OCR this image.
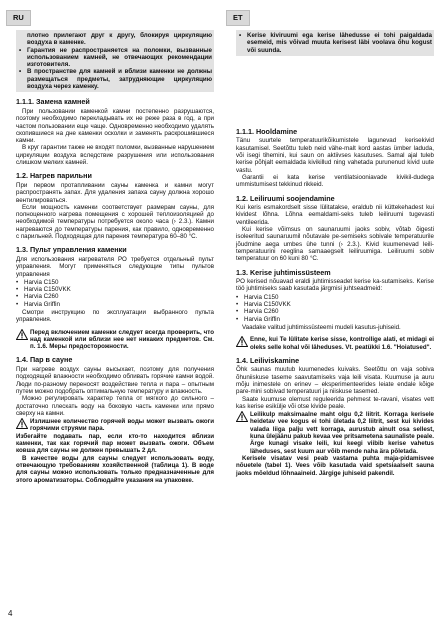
RU	ET

плотно прилегают друг к другу, блокируя циркуляцию воздуха в каменке.

• Гарантия не распространяется на поломки, вызванные использованием камней, не отвечающих рекомендации изготовителя.
• В пространстве для камней и вблизи каменки не должны размещаться предметы, затрудняющие циркуляцию воздуха через каменку.
1.1.1. Замена камней

При пользовании каменкой камни постепенно разрушаются, поэтому необходимо перекладывать их не реже раза в год, а при частом пользовании еще чаще. Одновременно необходимо удалять скопившиеся на дне каменки осколки и заменять раскрошившиеся камни.

В круг гарантии также не входят поломки, вызванные нарушением циркуляции воздуха вследствие разрушения или использования слишком мелких камней.

1.2. Нагрев парильни

При первом протапливании сауны каменка и камни могут распространять запах. Для удаления запаха сауну должна хорошо вентилироваться.

Если мощность каменки соответствует размерам сауны, для полноценного нагрева помещения с хорошей теплоизоляцией до необходимой температуры потребуется около часа (› 2.3.). Камни нагреваются до температуры парения, как правило, одновременно с парильней. Подходящая для парения температура 60–80 °C.

1.3. Пульт управления каменки

Для использования нагревателя РО требуется отдельный пульт управления. Могут применяться следующие типы пультов управления

• Harvia C150
• Harvia C150VKK
• Harvia C260
• Harvia Griffin

Смотри инструкцию по эксплуатации выбранного пульта управления.

Перед включением каменки следует всегда проверить, что над каменкой или вблизи нее нет никаких предметов. См. п. 1.6. Меры предосторожности.
1.4. Пар в сауне

При нагреве воздух сауны высыхает, поэтому для получения подходящей влажности необходимо обливать горячие камни водой. Люди по-разному переносят воздействие тепла и пара – опытным путем можно подобрать оптимальную температуру и влажность.

Можно регулировать характер тепла от мягкого до сильного – достаточно плескать воду на боковую часть каменки или прямо сверху на камни.

Излишнее количество горячей воды может вызвать ожоги горячими струями пара.

Избегайте подавать пар, если кто-то находится вблизи каменки, так как горячий пар может вызвать ожоги. Объем ковша для сауны не должен превышать 2 дл.

В качестве воды для сауны следует использовать воду, отвечающую требованиям хозяйственной (таблица 1). В воде для сауны можно использовать только предназначенные для этого ароматизаторы. Соблюдайте указания на упаковке.

• Kerise kiviruumi ega kerise lähedusse ei tohi paigaldada esemeid, mis võivad muuta kerisest läbi voolava õhu kogust või suunda.
1.1.1. Hooldamine

Tänu suurtele temperatuurikõikumistele lagunevad kerisekivid kasutamisel. Seetõttu tuleb neid vähe-malt kord aastas ümber laduda, või isegi tihemini, kui saun on aktiivses kasutuses. Samal ajal tuleb kerise põhjalt eemaldada kivikillud ning vahetada purunenud kivid uute vastu.

Garantii ei kata kerise ventilatsiooniavade kivikil-dudega ummistumisest tekkinud rikkeid.

1.2. Leiliruumi soojendamine

Kui keris esmakordselt sisse lülitatakse, eraldub nii küttekehadest kui kividest lõhna. Lõhna eemaldami-seks tuleb leiliruumi tugevasti ventileerida.

Kui kerise võimsus on saunaruumi jaoks sobiv, võtab õigesti isoleeritud saunaruumil nõutavale pe-semiseks sobivale temperatuurile jõudmine aega umbes ühe tunni (› 2.3.). Kivid kuumenevad leili-temperatuurini reeglina samaaegselt leiliruumiga. Leiliruumi sobiv temperatuur on 60 kuni 80 °C.

1.3. Kerise juhtimissüsteem

PO kerised nõuavad eraldi juhtimissead​et kerise ka-sutamiseks. Kerise töö juhtimiseks saab kasutada järgmisi juhtseadmeid:

• Harvia C150
• Harvia C150VKK
• Harvia C260
• Harvia Griffin

Vaadake valitud juhtimissüsteemi mudeli kasutus-juhiseid.

Enne, kui Te lülitate kerise sisse, kontrollige alati, et midagi ei oleks selle kohal või läheduses. Vt. peatükki 1.6. "Hoiatused".
1.4. Leiliviskamine

Õhk saunas muutub kuumenedes kuivaks. Seetõttu on vaja sobiva õhuniiskuse taseme saavutamiseks vaja leili visata. Kuumuse ja auru mõju inimestele on erinev – eksperimenteerides leiate endale kõige pare-mini sobivad temperatuuri ja niiskuse tasemed.

Saate kuumuse olemust reguleerida pehmest te-ravani, visates vett kas kerise esikülje või otse kivide peale.

Leilikulp maksimaalne maht olgu 0,2 liitrit. Korraga kerisele heidetav vee kogus ei tohi ületada 0,2 liitrit, sest kui kivides valada liiga palju vett korraga, aurustub ainult osa sellest, kuna ülejäänu pakub kevaa vee pritsametena saunaliste peale. Ärge kunagi visake leili, kui keegi viibib kerise vahetus läheduses, sest kuum aur võib mende naha ära põletada.

Kerisele visatav vesi peab vastama puhta maja-pidamisvee nõuetele (tabel 1). Vees võib kasutada vaid spetsiaalselt sauna jaoks mõeldud lõhnaaineid. Järgige juhiseid pakendil.

4
